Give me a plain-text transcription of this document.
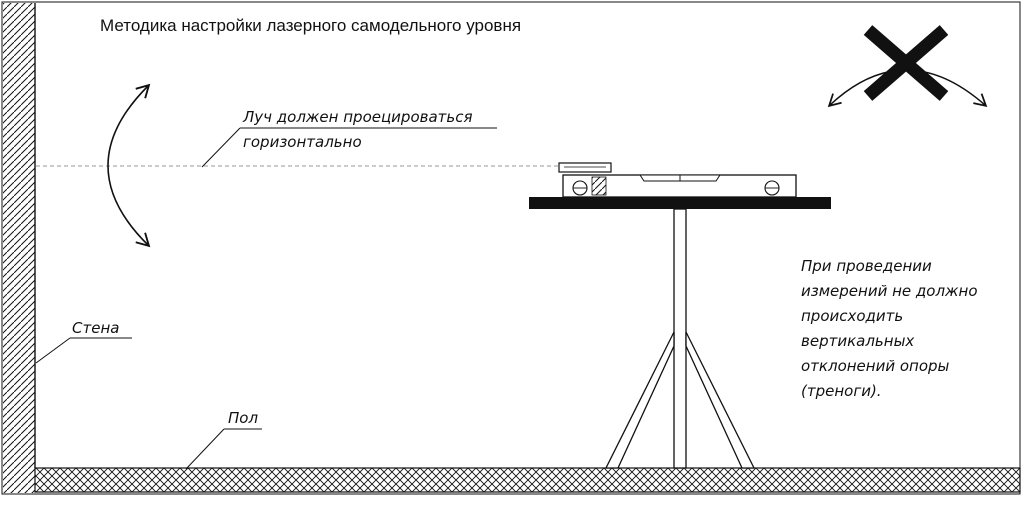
Методика настройки лазерного самодельного уровня
Луч должен проецироваться
горизонтально
Стена
Пол
При проведении
измерений не должно
происходить
вертикальных
отклонений опоры
(треноги).
